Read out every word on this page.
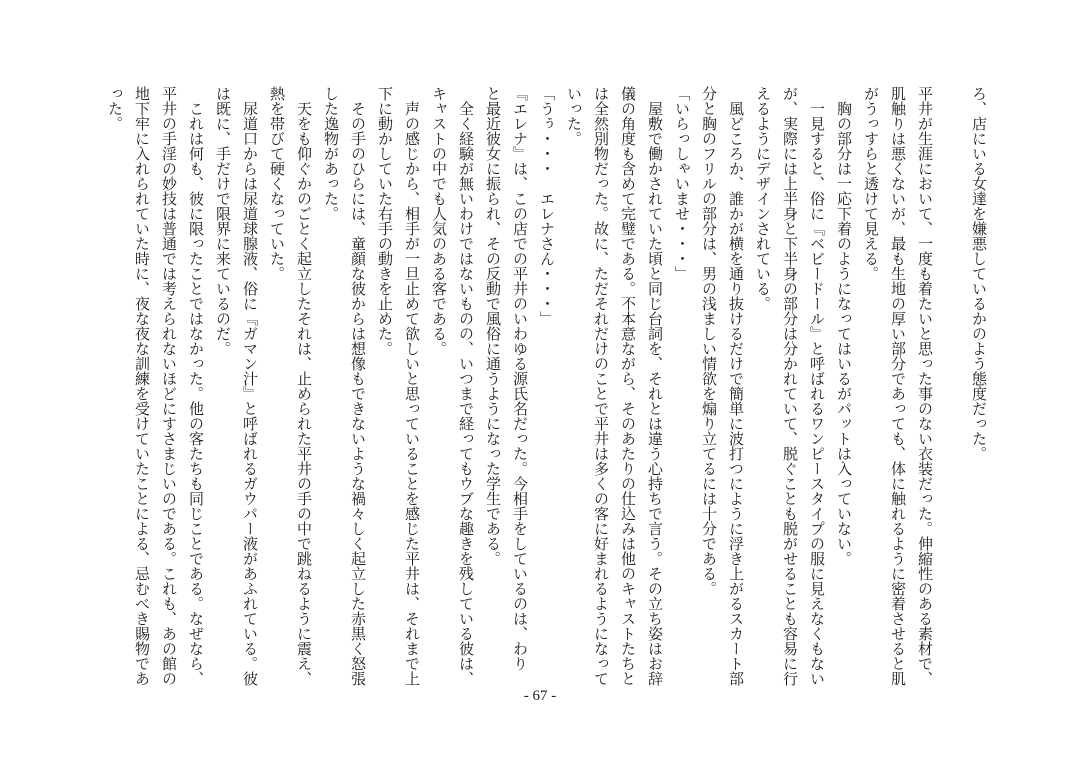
ろ、店にいる女達を嫌悪しているかのよう態度だった。

平井が生涯において、一度も着たいと思った事のない衣装だった。伸縮性のある素材で、

肌触りは悪くないが、最も生地の厚い部分であっても、体に触れるように密着させると肌

がうっすらと透けて見える。

　胸の部分は一応下着のようになってはいるがパットは入っていない。

　一見すると、俗に『ベビードール』と呼ばれるワンピースタイプの服に見えなくもない

が、実際には上半身と下半身の部分は分かれていて、脱ぐことも脱がせることも容易に行

えるようにデザインされている。

　風どころか、誰かが横を通り抜けるだけで簡単に波打つにように浮き上がるスカート部

分と胸のフリルの部分は、男の浅ましい情欲を煽り立てるには十分である。

「いらっしゃいませ・・・」

　屋敷で働かされていた頃と同じ台詞を、それとは違う心持ちで言う。その立ち姿はお辞

儀の角度も含めて完璧である。不本意ながら、そのあたりの仕込みは他のキャストたちと

は全然別物だった。故に、ただそれだけのことで平井は多くの客に好まれるようになって

いった。

「うぅ・・・　エレナさん・・・」

『エレナ』は、この店での平井のいわゆる源氏名だった。今相手をしているのは、わり

と最近彼女に振られ、その反動で風俗に通うようになった学生である。

　全く経験が無いわけではないものの、いつまで経ってもウブな趣きを残している彼は、

キャストの中でも人気のある客である。

　声の感じから、相手が一旦止めて欲しいと思っていることを感じた平井は、それまで上

下に動かしていた右手の動きを止めた。

　その手のひらには、童顔な彼からは想像もできないような禍々しく起立した赤黒く怒張

した逸物があった。

　天をも仰ぐかのごとく起立したそれは、止められた平井の手の中で跳ねるように震え、

熱を帯びて硬くなっていた。

　尿道口からは尿道球腺液、俗に『ガマン汁』と呼ばれるガウパー液があふれている。彼

は既に、手だけで限界に来ているのだ。

　これは何も、彼に限ったことではなかった。他の客たちも同じことである。なぜなら、

平井の手淫の妙技は普通では考えられないほどにすさまじいのである。これも、あの館の

地下牢に入れられていた時に、夜な夜な訓練を受けていたことによる、忌むべき賜物であ

った。

- 67 -
